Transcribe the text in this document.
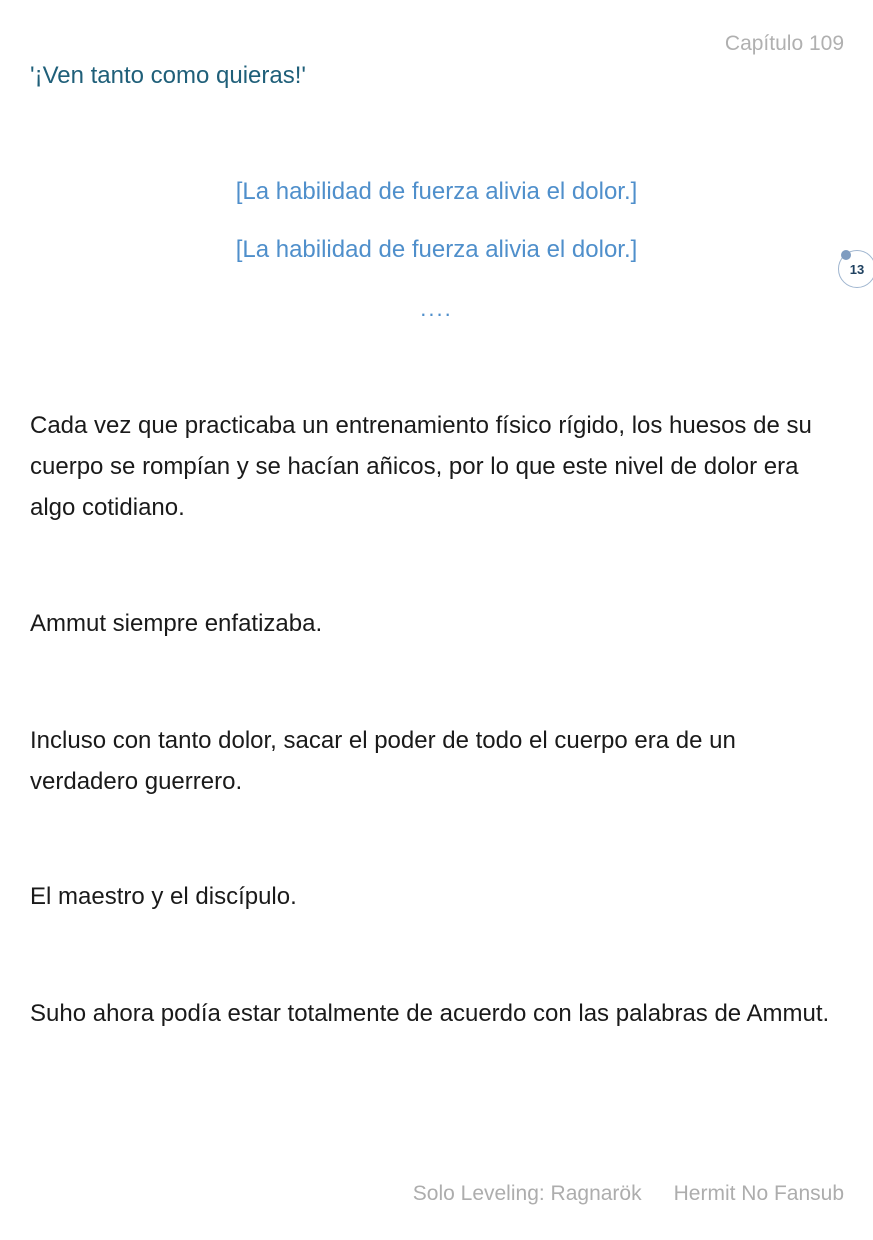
Capítulo 109
'¡Ven tanto como quieras!'
[La habilidad de fuerza alivia el dolor.]
[La habilidad de fuerza alivia el dolor.]
....

Cada vez que practicaba un entrenamiento físico rígido, los huesos de su cuerpo se rompían y se hacían añicos, por lo que este nivel de dolor era algo cotidiano.

Ammut siempre enfatizaba.

Incluso con tanto dolor, sacar el poder de todo el cuerpo era de un verdadero guerrero.

El maestro y el discípulo.

Suho ahora podía estar totalmente de acuerdo con las palabras de Ammut.

13
Solo Leveling: Ragnarök Hermit No Fansub
